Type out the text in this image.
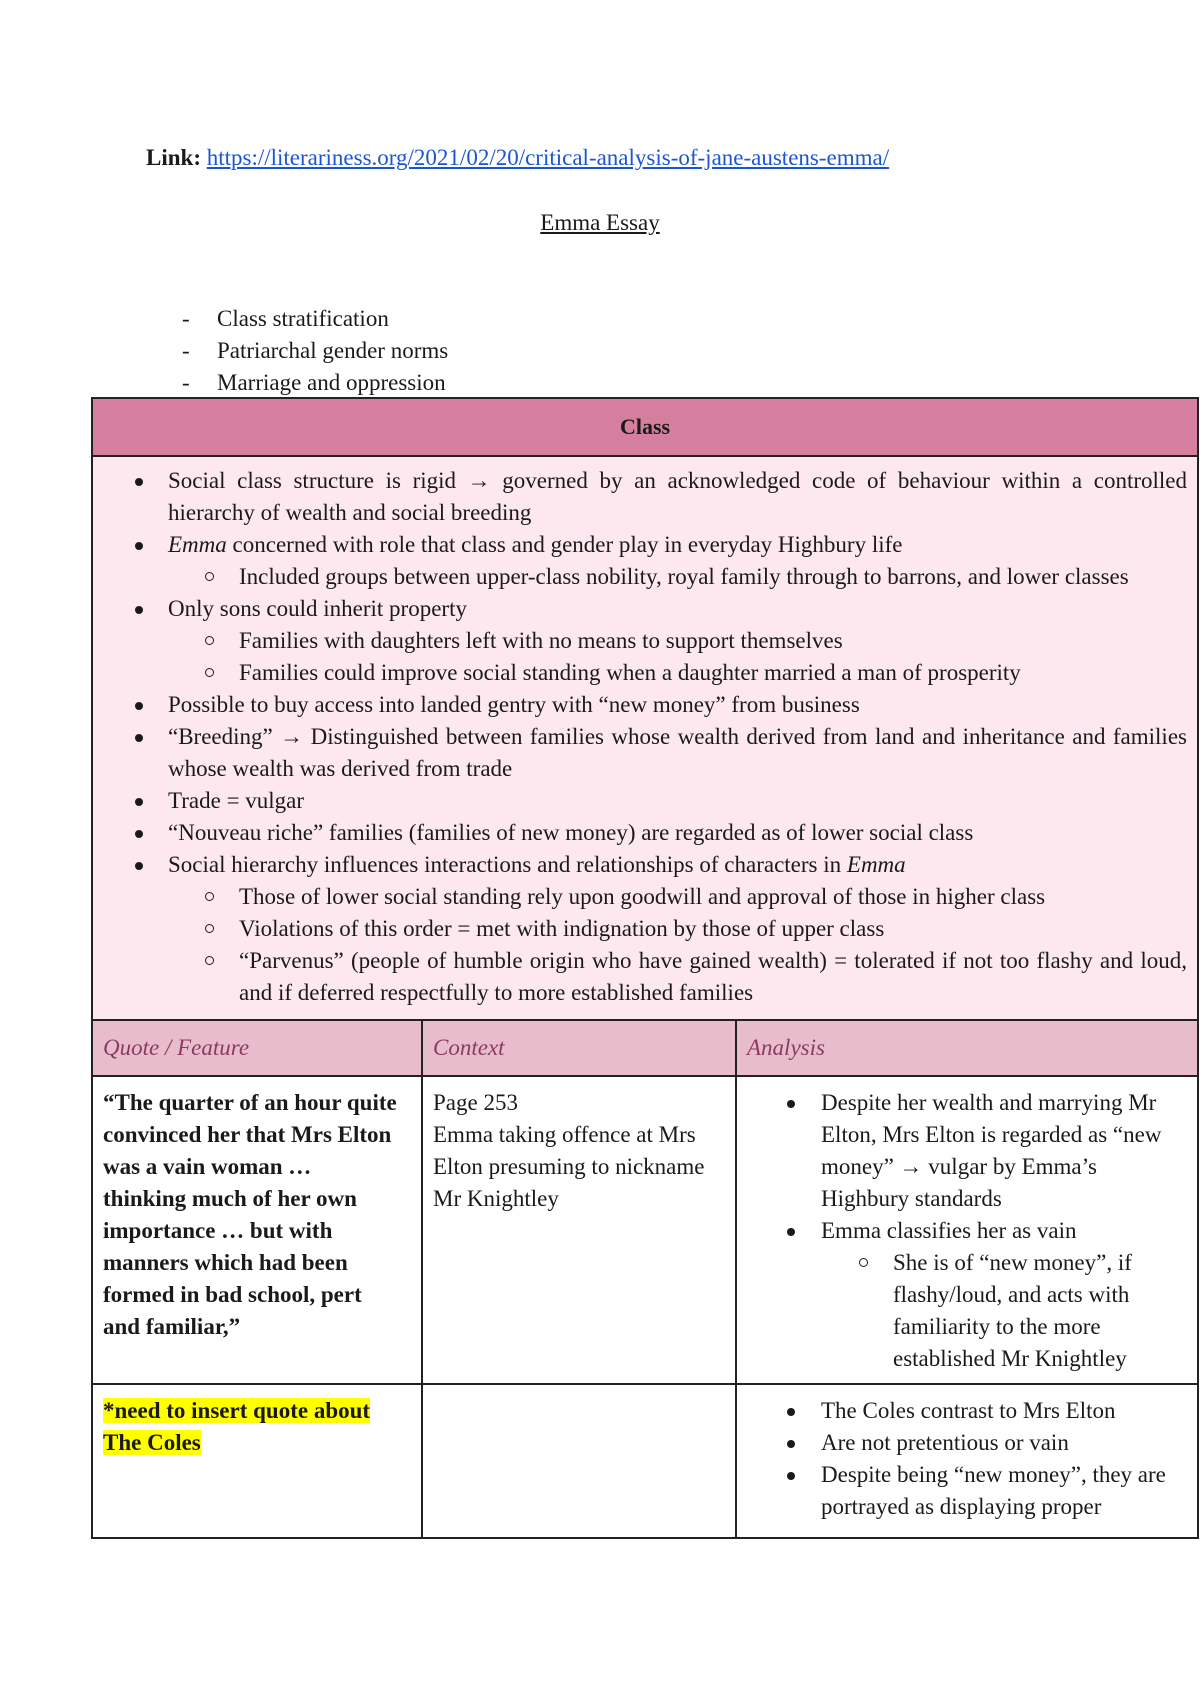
Link: https://literariness.org/2021/02/20/critical-analysis-of-jane-austens-emma/
Emma Essay
- Class stratification
- Patriarchal gender norms
- Marriage and oppression
Class
Social class structure is rigid → governed by an acknowledged code of behaviour within a controlled hierarchy of wealth and social breeding
Emma concerned with role that class and gender play in everyday Highbury life
Included groups between upper-class nobility, royal family through to barrons, and lower classes
Only sons could inherit property
Families with daughters left with no means to support themselves
Families could improve social standing when a daughter married a man of prosperity
Possible to buy access into landed gentry with “new money” from business
“Breeding” → Distinguished between families whose wealth derived from land and inheritance and families whose wealth was derived from trade
Trade = vulgar
“Nouveau riche” families (families of new money) are regarded as of lower social class
Social hierarchy influences interactions and relationships of characters in Emma
Those of lower social standing rely upon goodwill and approval of those in higher class
Violations of this order = met with indignation by those of upper class
“Parvenus” (people of humble origin who have gained wealth) = tolerated if not too flashy and loud, and if deferred respectfully to more established families
Quote / Feature	Context	Analysis
“The quarter of an hour quite
convinced her that Mrs Elton
was a vain woman …
thinking much of her own
importance … but with
manners which had been
formed in bad school, pert
and familiar,”
Page 253
Emma taking offence at Mrs
Elton presuming to nickname
Mr Knightley
Despite her wealth and marrying Mr
Elton, Mrs Elton is regarded as “new
money” → vulgar by Emma’s
Highbury standards
Emma classifies her as vain
She is of “new money”, if
flashy/loud, and acts with
familiarity to the more
established Mr Knightley
*need to insert quote about
The Coles
The Coles contrast to Mrs Elton
Are not pretentious or vain
Despite being “new money”, they are
portrayed as displaying proper
